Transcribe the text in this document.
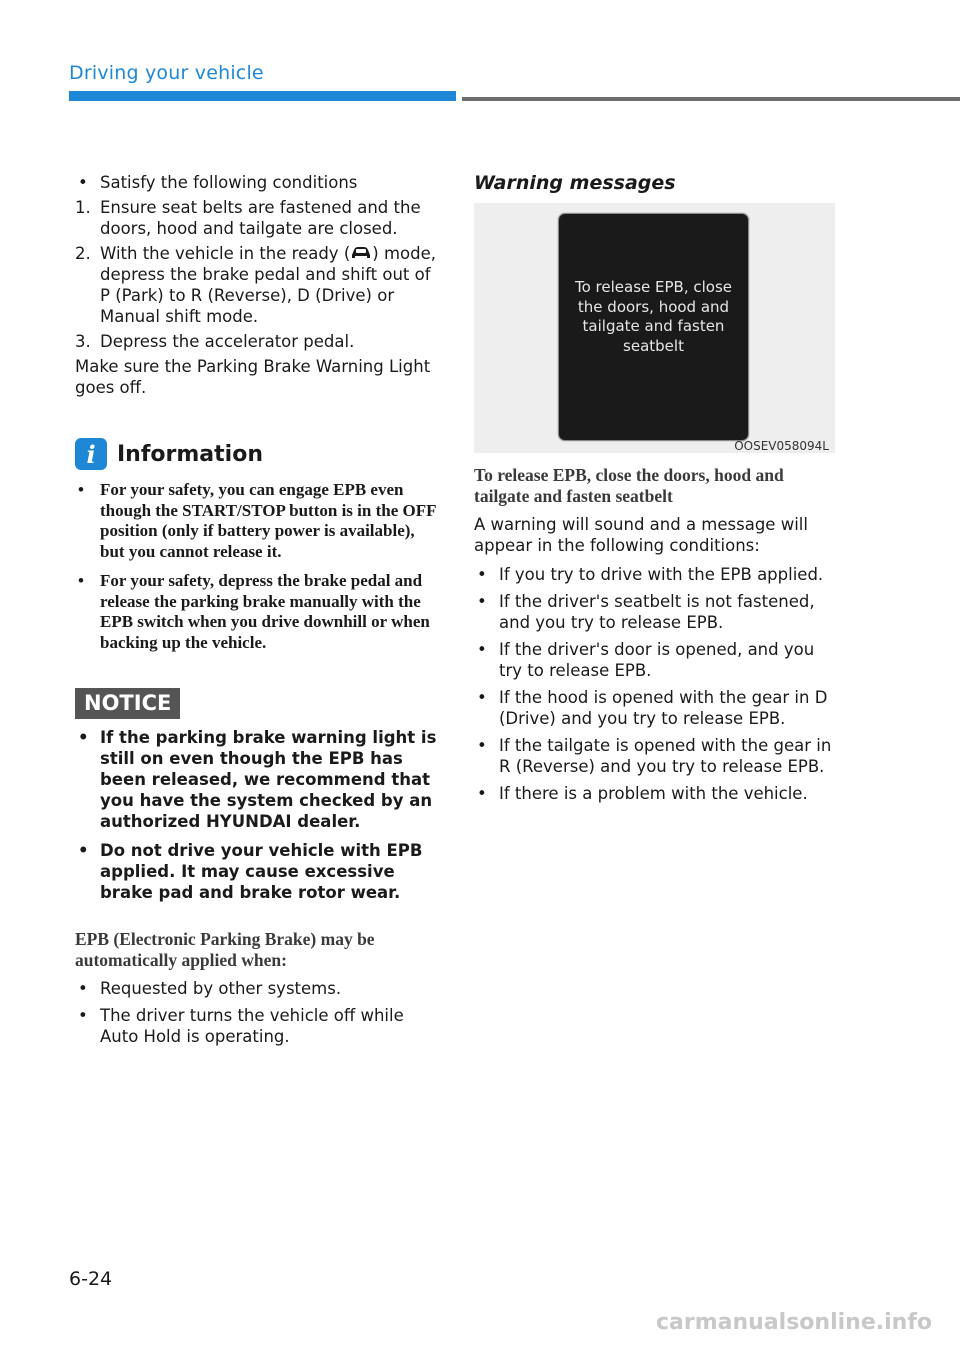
Driving your vehicle

• Satisfy the following conditions

1. Ensure seat belts are fastened and the doors, hood and tailgate are closed.
2. With the vehicle in the ready ( ) mode, depress the brake pedal and shift out of P (Park) to R (Reverse), D (Drive) or Manual shift mode.
3. Depress the accelerator pedal.

Make sure the Parking Brake Warning Light goes off.

i Information
• For your safety, you can engage EPB even though the START/STOP button is in the OFF position (only if battery power is available), but you cannot release it.
• For your safety, depress the brake pedal and release the parking brake manually with the EPB switch when you drive downhill or when backing up the vehicle.
NOTICE
• If the parking brake warning light is still on even though the EPB has been released, we recommend that you have the system checked by an authorized HYUNDAI dealer.
• Do not drive your vehicle with EPB applied. It may cause excessive brake pad and brake rotor wear.

EPB (Electronic Parking Brake) may be automatically applied when:

• Requested by other systems.
• The driver turns the vehicle off while Auto Hold is operating.

Warning messages

To release EPB, close the doors, hood and tailgate and fasten seatbelt
OOSEV058094L

To release EPB, close the doors, hood and tailgate and fasten seatbelt

A warning will sound and a message will appear in the following conditions:

• If you try to drive with the EPB applied.
• If the driver's seatbelt is not fastened, and you try to release EPB.
• If the driver's door is opened, and you try to release EPB.
• If the hood is opened with the gear in D (Drive) and you try to release EPB.
• If the tailgate is opened with the gear in R (Reverse) and you try to release EPB.
• If there is a problem with the vehicle.
6-24
carmanualsonline.info
